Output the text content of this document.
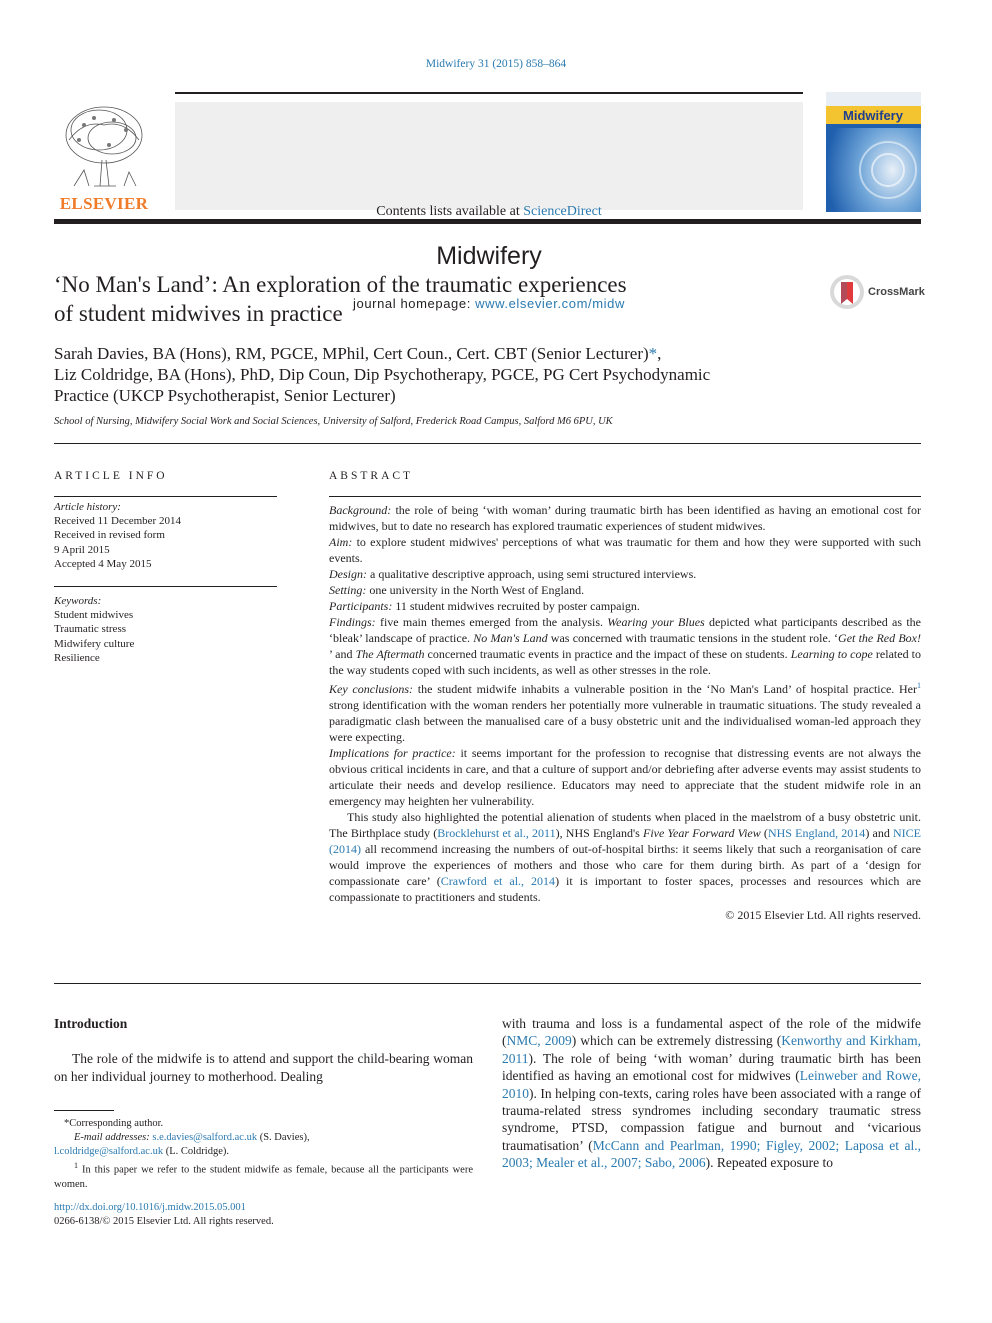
Midwifery 31 (2015) 858–864
ELSEVIER	Contents lists available at ScienceDirect
Midwifery
journal homepage: www.elsevier.com/midw
Midwifery
‘No Man's Land’: An exploration of the traumatic experiences
of student midwives in practice
CrossMark
Sarah Davies, BA (Hons), RM, PGCE, MPhil, Cert Coun., Cert. CBT (Senior Lecturer)*,
Liz Coldridge, BA (Hons), PhD, Dip Coun, Dip Psychotherapy, PGCE, PG Cert Psychodynamic
Practice (UKCP Psychotherapist, Senior Lecturer)
School of Nursing, Midwifery Social Work and Social Sciences, University of Salford, Frederick Road Campus, Salford M6 6PU, UK
ARTICLE INFO
Article history:
Received 11 December 2014
Received in revised form
9 April 2015
Accepted 4 May 2015
Keywords:
Student midwives
Traumatic stress
Midwifery culture
Resilience
ABSTRACT

Background: the role of being ‘with woman’ during traumatic birth has been identified as having an emotional cost for midwives, but to date no research has explored traumatic experiences of student midwives.

Aim: to explore student midwives' perceptions of what was traumatic for them and how they were supported with such events.

Design: a qualitative descriptive approach, using semi structured interviews.

Setting: one university in the North West of England.

Participants: 11 student midwives recruited by poster campaign.

Findings: five main themes emerged from the analysis. Wearing your Blues depicted what participants described as the ‘bleak’ landscape of practice. No Man's Land was concerned with traumatic tensions in the student role. ‘Get the Red Box! ’ and The Aftermath concerned traumatic events in practice and the impact of these on students. Learning to cope related to the way students coped with such incidents, as well as other stresses in the role.

Key conclusions: the student midwife inhabits a vulnerable position in the ‘No Man's Land’ of hospital practice. Her$^1$ strong identification with the woman renders her potentially more vulnerable in traumatic situations. The study revealed a paradigmatic clash between the manualised care of a busy obstetric unit and the individualised woman-led approach they were expecting.

Implications for practice: it seems important for the profession to recognise that distressing events are not always the obvious critical incidents in care, and that a culture of support and/or debriefing after adverse events may assist students to articulate their needs and develop resilience. Educators may need to appreciate that the student midwife role in an emergency may heighten her vulnerability.

This study also highlighted the potential alienation of students when placed in the maelstrom of a busy obstetric unit. The Birthplace study (Brocklehurst et al., 2011), NHS England's Five Year Forward View (NHS England, 2014) and NICE (2014) all recommend increasing the numbers of out-of-hospital births: it seems likely that such a reorganisation of care would improve the experiences of mothers and those who care for them during birth. As part of a ‘design for compassionate care’ (Crawford et al., 2014) it is important to foster spaces, processes and resources which are compassionate to practitioners and students.

© 2015 Elsevier Ltd. All rights reserved.

Introduction
The role of the midwife is to attend and support the child-bearing woman on her individual journey to motherhood. Dealing
*Corresponding author.
E-mail addresses: s.e.davies@salford.ac.uk (S. Davies),
l.coldridge@salford.ac.uk (L. Coldridge).
$^1$ In this paper we refer to the student midwife as female, because all the participants were women.
http://dx.doi.org/10.1016/j.midw.2015.05.001
0266-6138/© 2015 Elsevier Ltd. All rights reserved.
with trauma and loss is a fundamental aspect of the role of the midwife (NMC, 2009) which can be extremely distressing (Kenworthy and Kirkham, 2011). The role of being ‘with woman’ during traumatic birth has been identified as having an emotional cost for midwives (Leinweber and Rowe, 2010). In helping con-texts, caring roles have been associated with a range of trauma-related stress syndromes including secondary traumatic stress syndrome, PTSD, compassion fatigue and burnout and ‘vicarious traumatisation’ (McCann and Pearlman, 1990; Figley, 2002; Laposa et al., 2003; Mealer et al., 2007; Sabo, 2006). Repeated exposure to
